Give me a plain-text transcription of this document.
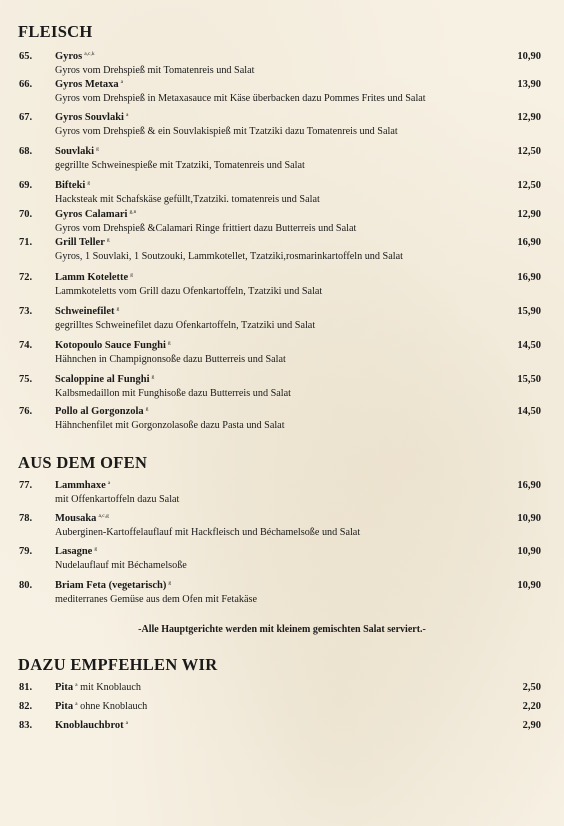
FLEISCH
65. Gyros $^{a,c,k}$
Gyros vom Drehspieß mit Tomatenreis und Salat
10,90
66. Gyros Metaxa $^a$
Gyros vom Drehspieß in Metaxasauce mit Käse überbacken dazu Pommes Frites und Salat
13,90
67. Gyros Souvlaki $^a$
Gyros vom Drehspieß & ein Souvlakispieß mit Tzatziki dazu Tomatenreis und Salat
12,90
68. Souvlaki $^g$
gegrillte Schweinespieße mit Tzatziki, Tomatenreis und Salat
12,50
69. Bifteki $^g$
Hacksteak mit Schafskäse gefüllt,Tzatziki. tomatenreis und Salat
12,50
70. Gyros Calamari $^{g,n}$
Gyros vom Drehspieß &Calamari Ringe frittiert dazu Butterreis und Salat
12,90
71. Grill Teller $^g$
Gyros, 1 Souvlaki, 1 Soutzouki, Lammkotellet, Tzatziki,rosmarinkartoffeln und Salat
16,90
72. Lamm Kotelette $^g$
Lammkoteletts vom Grill dazu Ofenkartoffeln, Tzatziki und Salat
16,90
73. Schweinefilet $^g$
gegrilltes Schweinefilet dazu Ofenkartoffeln, Tzatziki und Salat
15,90
74. Kotopoulo Sauce Funghi $^g$
Hähnchen in Champignonsoße dazu Butterreis und Salat
14,50
75. Scaloppine al Funghi $^g$
Kalbsmedaillon mit Funghisoße dazu Butterreis und Salat
15,50
76. Pollo al Gorgonzola $^g$
Hähnchenfilet mit Gorgonzolasoße dazu Pasta und Salat
14,50
AUS DEM OFEN
77. Lammhaxe $^a$
mit Offenkartoffeln dazu Salat
16,90
78. Mousaka $^{a,c,g}$
Auberginen-Kartoffelauflauf mit Hackfleisch und Béchamelsoße und Salat
10,90
79. Lasagne $^g$
Nudelauflauf mit Béchamelsoße
10,90
80. Briam Feta (vegetarisch) $^g$
mediterranes Gemüse aus dem Ofen mit Fetakäse
10,90
-Alle Hauptgerichte werden mit kleinem gemischten Salat serviert.-
DAZU EMPFEHLEN WIR
81. Pita $^a$ mit Knoblauch	2,50
82. Pita $^a$ ohne Knoblauch	2,20
83. Knoblauchbrot $^a$	2,90
